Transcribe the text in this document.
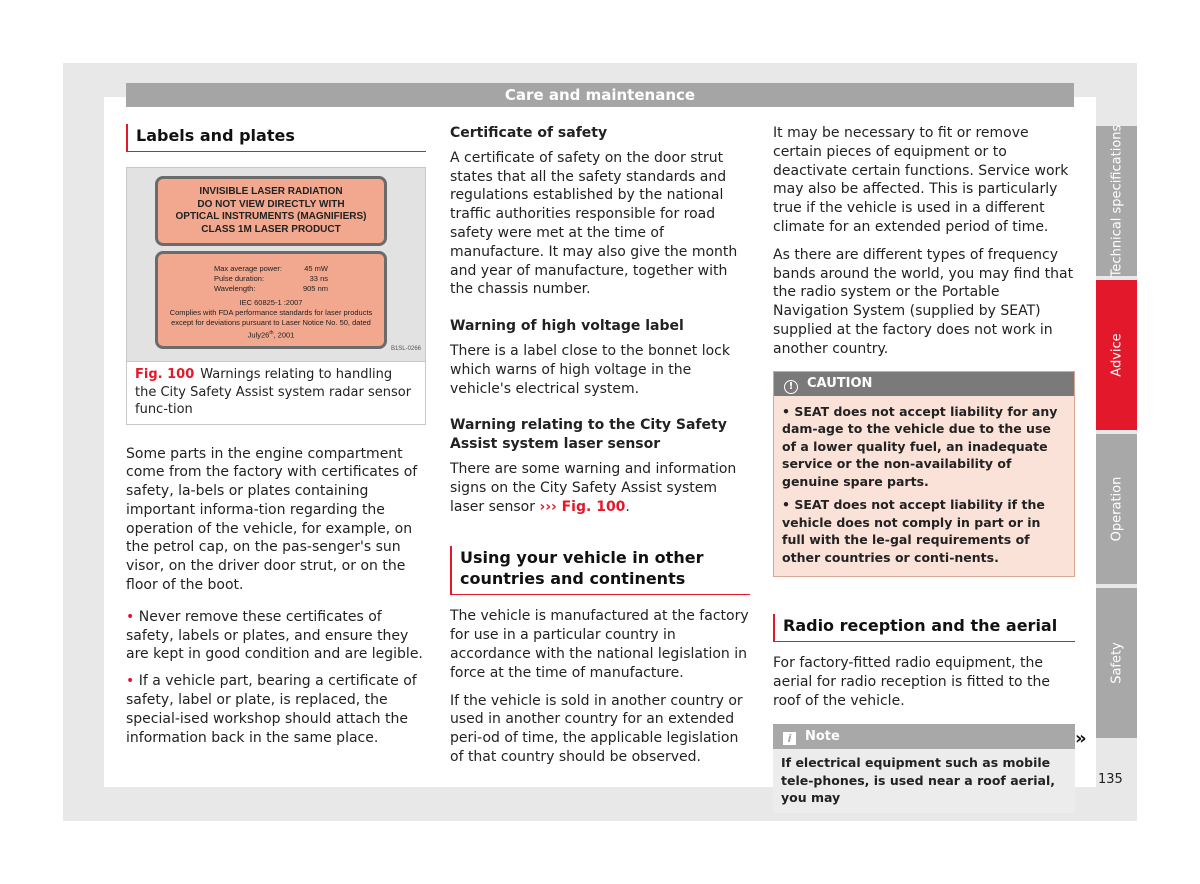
Care and maintenance
Labels and plates
INVISIBLE LASER RADIATION
DO NOT VIEW DIRECTLY WITH
OPTICAL INSTRUMENTS (MAGNIFIERS)
CLASS 1M LASER PRODUCT
Max average power:	45 mW
Pulse duration:	33 ns
Wavelength:	905 nm
IEC 60825-1 :2007
Complies with FDA performance standards for laser products
except for deviations pursuant to Laser Notice No. 50, dated
July26th, 2001
B1SL-0266
Fig. 100 Warnings relating to handling the City Safety Assist system radar sensor func-tion

Some parts in the engine compartment come from the factory with certificates of safety, la-bels or plates containing important informa-tion regarding the operation of the vehicle, for example, on the petrol cap, on the pas-senger's sun visor, on the driver door strut, or on the floor of the boot.

• Never remove these certificates of safety, labels or plates, and ensure they are kept in good condition and are legible.

• If a vehicle part, bearing a certificate of safety, label or plate, is replaced, the special-ised workshop should attach the information back in the same place.

Certificate of safety

A certificate of safety on the door strut states that all the safety standards and regulations established by the national traffic authorities responsible for road safety were met at the time of manufacture. It may also give the month and year of manufacture, together with the chassis number.

Warning of high voltage label

There is a label close to the bonnet lock which warns of high voltage in the vehicle's electrical system.

Warning relating to the City Safety Assist system laser sensor

There are some warning and information signs on the City Safety Assist system laser sensor ››› Fig. 100.

Using your vehicle in other countries and continents

The vehicle is manufactured at the factory for use in a particular country in accordance with the national legislation in force at the time of manufacture.

If the vehicle is sold in another country or used in another country for an extended peri-od of time, the applicable legislation of that country should be observed.

It may be necessary to fit or remove certain pieces of equipment or to deactivate certain functions. Service work may also be affected. This is particularly true if the vehicle is used in a different climate for an extended period of time.

As there are different types of frequency bands around the world, you may find that the radio system or the Portable Navigation System (supplied by SEAT) supplied at the factory does not work in another country.

! CAUTION

• SEAT does not accept liability for any dam-age to the vehicle due to the use of a lower quality fuel, an inadequate service or the non-availability of genuine spare parts.

• SEAT does not accept liability if the vehicle does not comply in part or in full with the le-gal requirements of other countries or conti-nents.

Radio reception and the aerial

For factory-fitted radio equipment, the aerial for radio reception is fitted to the roof of the vehicle.

i Note
If electrical equipment such as mobile tele-phones, is used near a roof aerial, you may
»
Technical specifications
Advice
Operation
Safety
135
